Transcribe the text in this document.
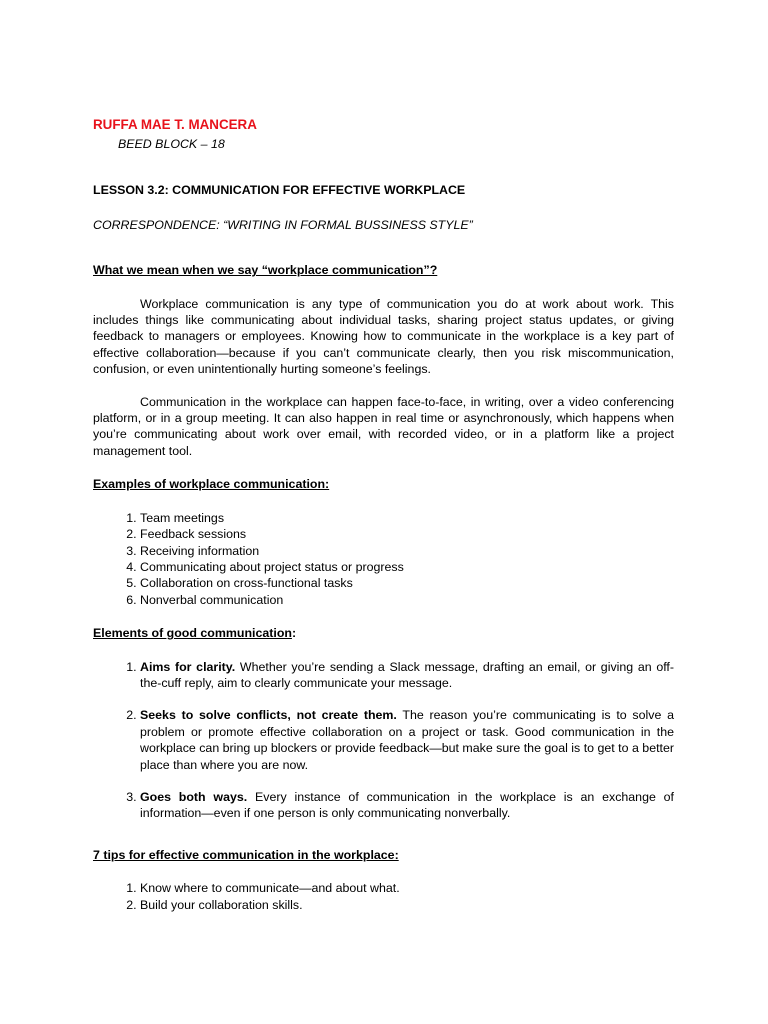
RUFFA MAE T. MANCERA

BEED BLOCK – 18

LESSON 3.2: COMMUNICATION FOR EFFECTIVE WORKPLACE

CORRESPONDENCE: “WRITING IN FORMAL BUSSINESS STYLE”

What we mean when we say “workplace communication”?

Workplace communication is any type of communication you do at work about work. This includes things like communicating about individual tasks, sharing project status updates, or giving feedback to managers or employees. Knowing how to communicate in the workplace is a key part of effective collaboration—because if you can’t communicate clearly, then you risk miscommunication, confusion, or even unintentionally hurting someone’s feelings.

Communication in the workplace can happen face-to-face, in writing, over a video conferencing platform, or in a group meeting. It can also happen in real time or asynchronously, which happens when you’re communicating about work over email, with recorded video, or in a platform like a project management tool.

Examples of workplace communication:

1. Team meetings
2. Feedback sessions
3. Receiving information
4. Communicating about project status or progress
5. Collaboration on cross-functional tasks
6. Nonverbal communication

Elements of good communication:

1. Aims for clarity. Whether you’re sending a Slack message, drafting an email, or giving an off-the-cuff reply, aim to clearly communicate your message.
2. Seeks to solve conflicts, not create them. The reason you’re communicating is to solve a problem or promote effective collaboration on a project or task. Good communication in the workplace can bring up blockers or provide feedback—but make sure the goal is to get to a better place than where you are now.
3. Goes both ways. Every instance of communication in the workplace is an exchange of information—even if one person is only communicating nonverbally.

7 tips for effective communication in the workplace:

1. Know where to communicate—and about what.
2. Build your collaboration skills.
